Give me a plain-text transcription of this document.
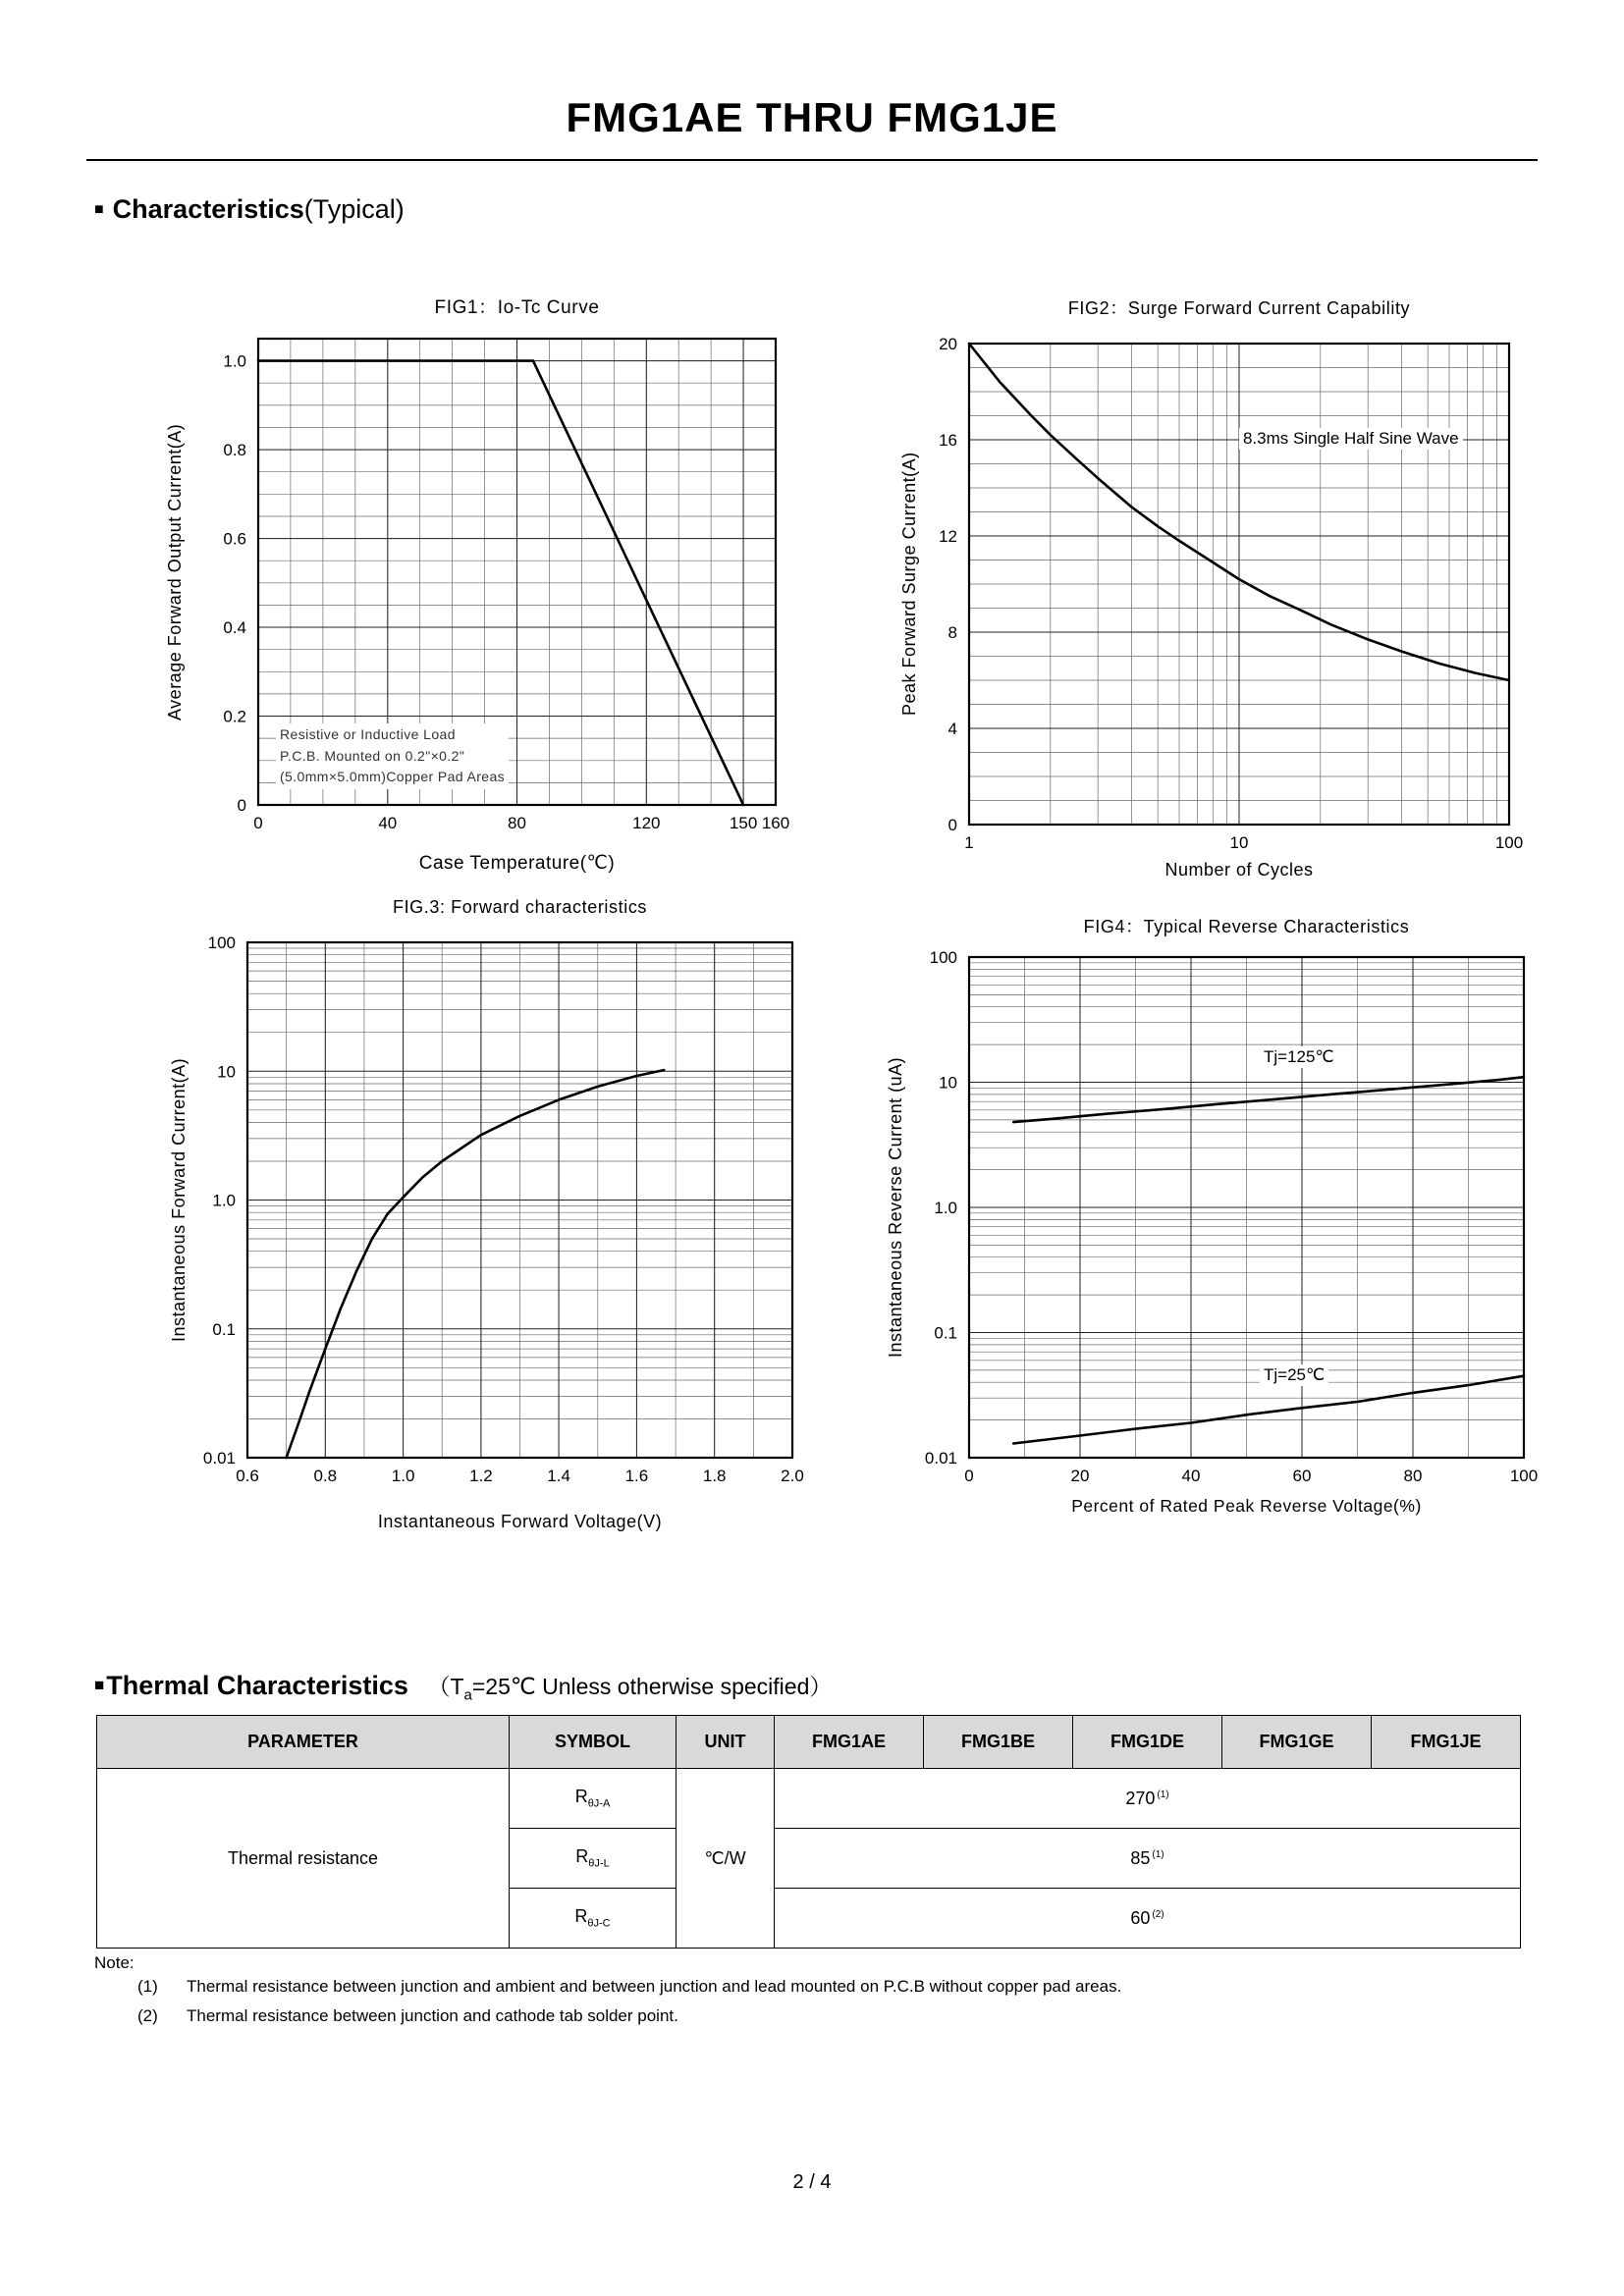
FMG1AE THRU FMG1JE
■ Characteristics(Typical)
FIG1：Io-Tc Curve
Average Forward Output Current(A)
0	40	80	120	150 160
0
0.2
0.4
0.6
0.8
1.0
Resistive or Inductive Load
P.C.B. Mounted on 0.2"×0.2"
(5.0mm×5.0mm)Copper Pad Areas
Case Temperature(℃)
FIG2：Surge Forward Current Capability
Peak Forward Surge Current(A)
1	10	100
0
4
8
12
16
20
8.3ms Single Half Sine Wave
Number of Cycles
FIG.3: Forward characteristics
Instantaneous Forward Current(A)
0.6	0.8	1.0	1.2	1.4	1.6	1.8	2.0
0.01
0.1
1.0
10
100
Instantaneous Forward Voltage(V)
FIG4：Typical Reverse Characteristics
Instantaneous Reverse Current (uA)
0	20	40	60	80	100
0.01
0.1
1.0
10
100
Tj=125℃
Tj=25℃
Percent of Rated Peak Reverse Voltage(%)
■Thermal Characteristics （$T_a=25℃$ Unless otherwise specified）
PARAMETER	SYMBOL	UNIT	FMG1AE	FMG1BE	FMG1DE	FMG1GE	FMG1JE
Thermal resistance	$R_{\theta J-A}$	℃/W	270 $^{(1)}$
	$R_{\theta J-L}$		85 $^{(1)}$
	$R_{\theta J-C}$		60 $^{(2)}$
Note:
(1)	Thermal resistance between junction and ambient and between junction and lead mounted on P.C.B without copper pad areas.
(2)	Thermal resistance between junction and cathode tab solder point.
2 / 4
